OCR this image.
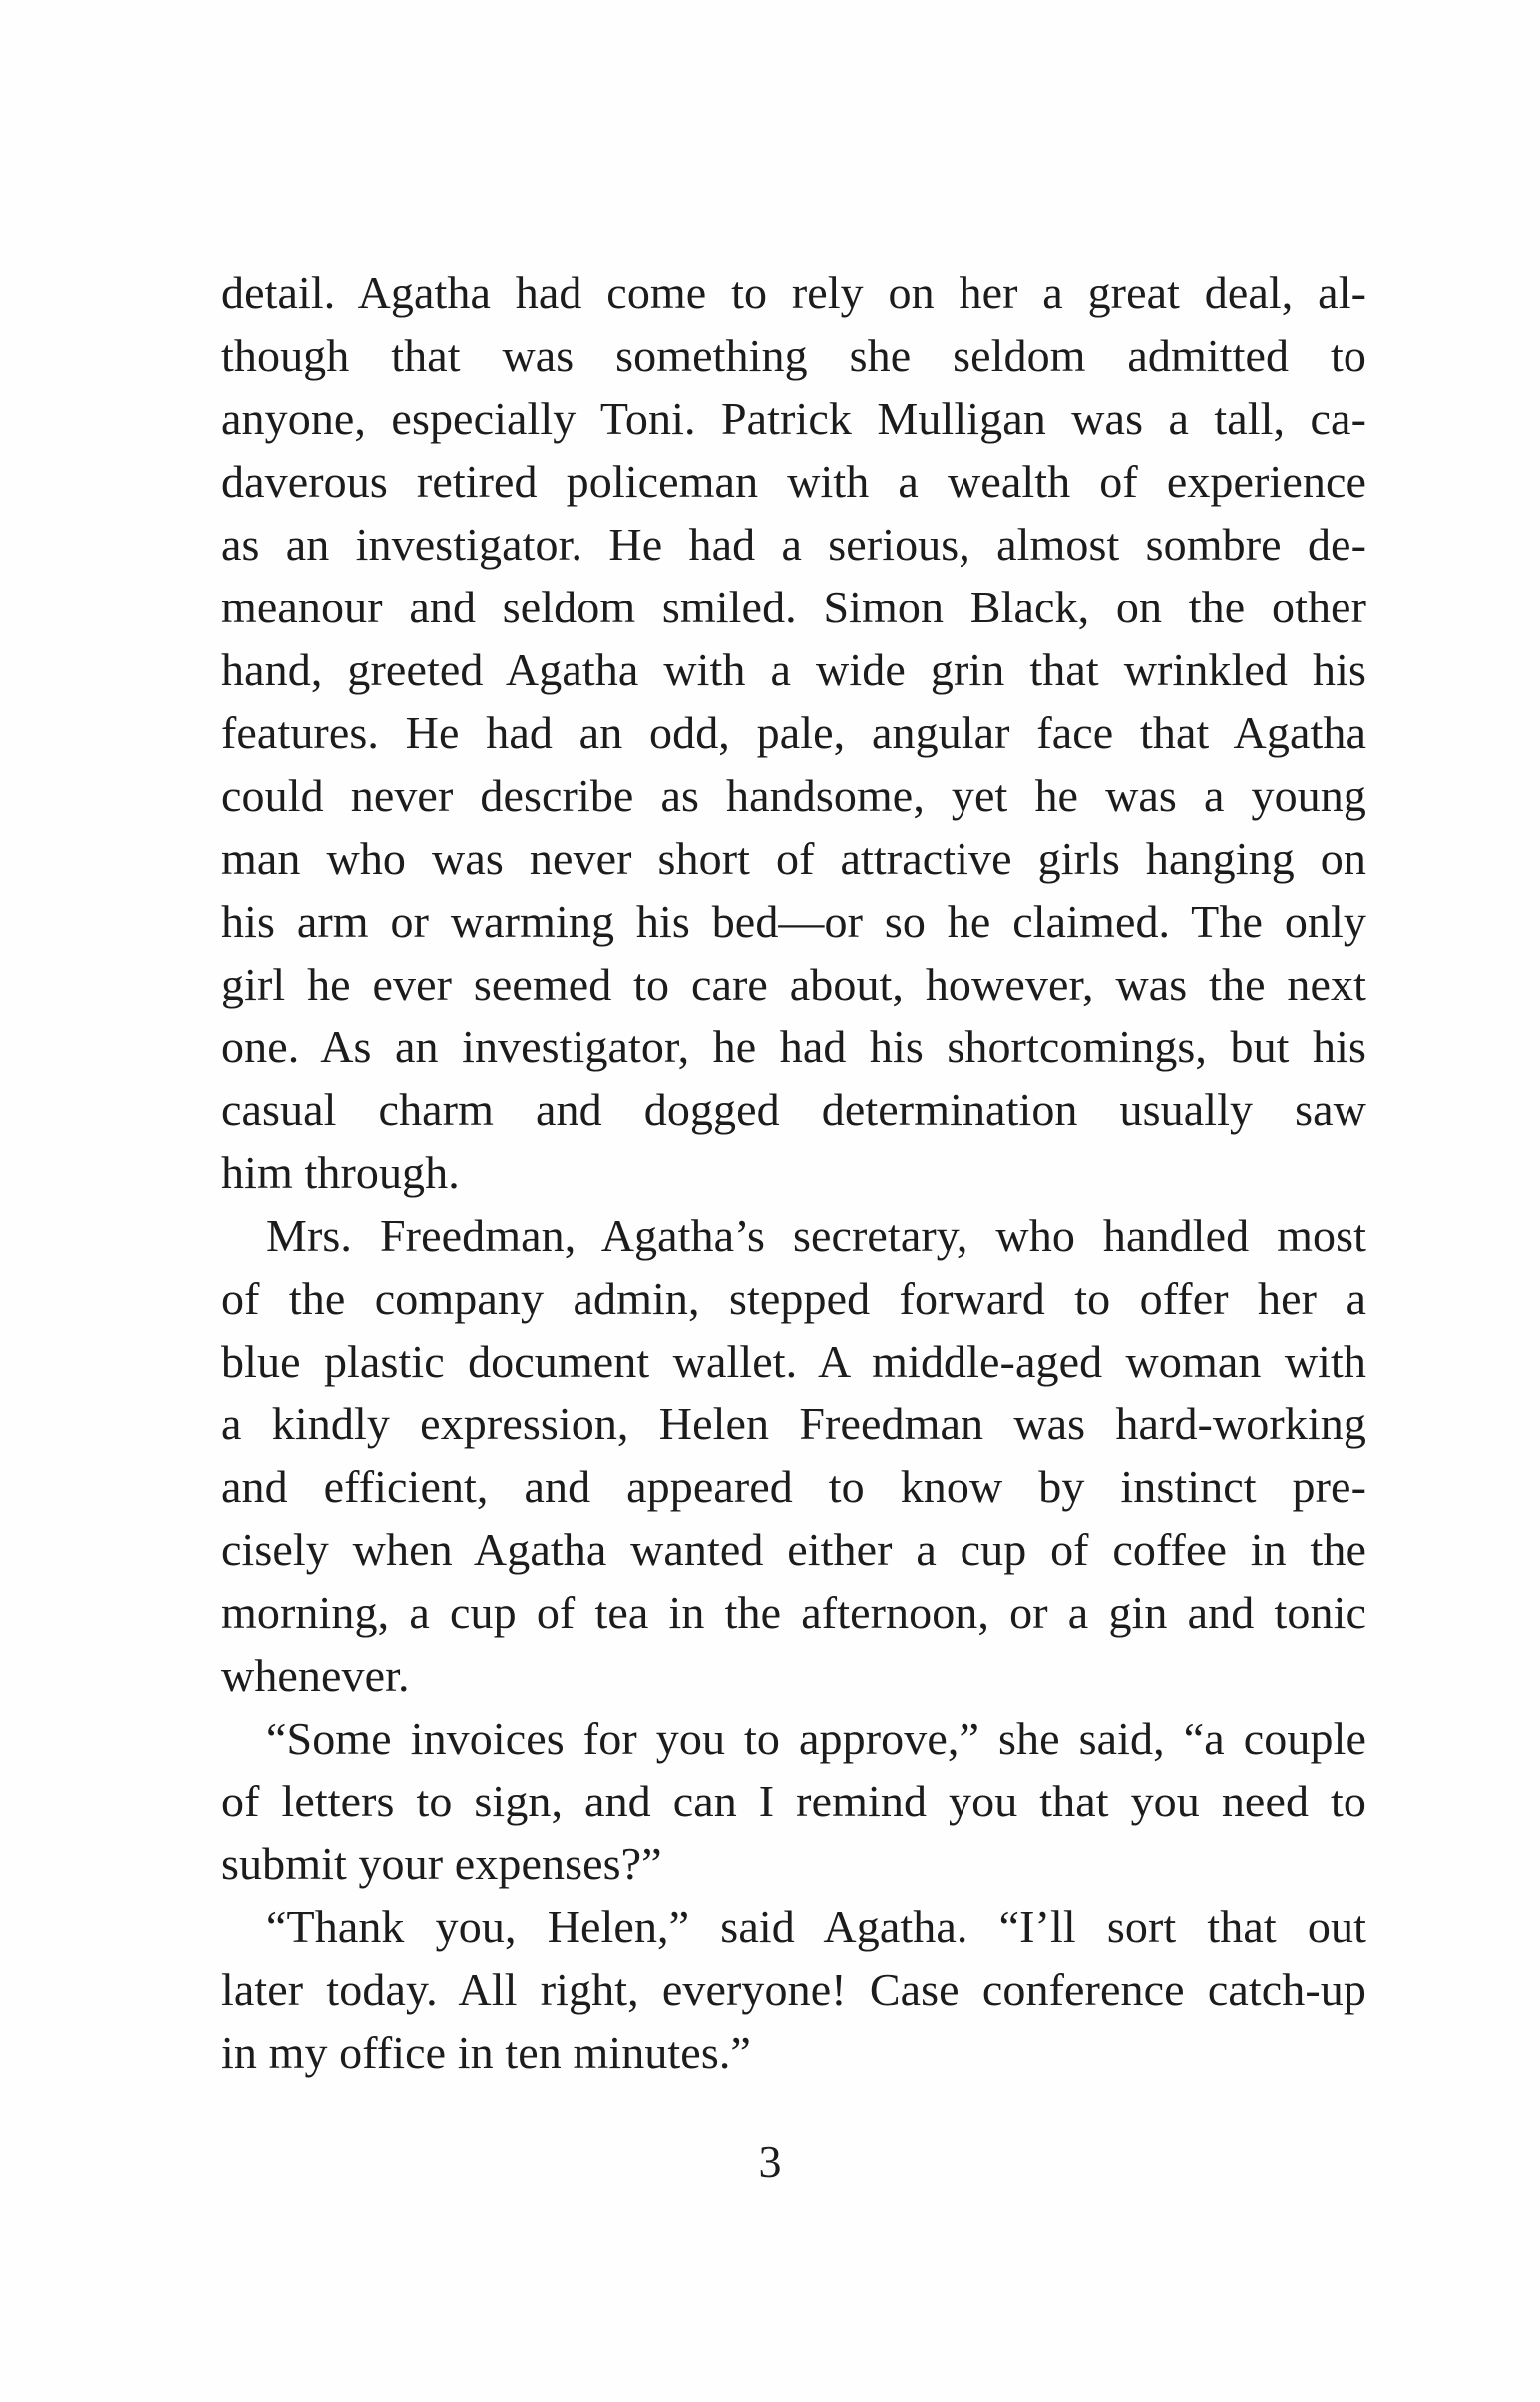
detail. Agatha had come to rely on her a great deal, al-
though that was something she seldom admitted to
anyone, especially Toni. Patrick Mulligan was a tall, ca-
daverous retired policeman with a wealth of experience
as an investigator. He had a serious, almost sombre de-
meanour and seldom smiled. Simon Black, on the other
hand, greeted Agatha with a wide grin that wrinkled his
features. He had an odd, pale, angular face that Agatha
could never describe as handsome, yet he was a young
man who was never short of attractive girls hanging on
his arm or warming his bed—or so he claimed. The only
girl he ever seemed to care about, however, was the next
one. As an investigator, he had his shortcomings, but his
casual charm and dogged determination usually saw
him through.
Mrs. Freedman, Agatha’s secretary, who handled most
of the company admin, stepped forward to offer her a
blue plastic document wallet. A middle-aged woman with
a kindly expression, Helen Freedman was hard-working
and efficient, and appeared to know by instinct pre-
cisely when Agatha wanted either a cup of coffee in the
morning, a cup of tea in the afternoon, or a gin and tonic
whenever.
“Some invoices for you to approve,” she said, “a couple
of letters to sign, and can I remind you that you need to
submit your expenses?”
“Thank you, Helen,” said Agatha. “I’ll sort that out
later today. All right, everyone! Case conference catch-up
in my office in ten minutes.”
3
